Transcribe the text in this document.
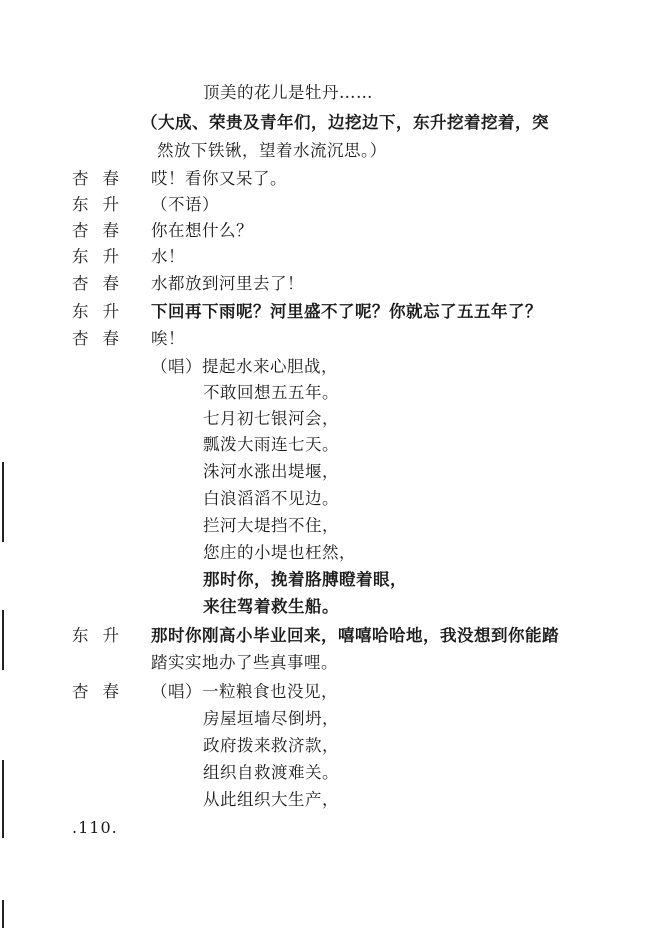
顶美的花儿是牡丹……
（大成、荣贵及青年们，边挖边下，东升挖着挖着，突
然放下铁锹，望着水流沉思。）
杏春 哎！看你又呆了。
东升 （不语）
杏春 你在想什么？
东升 水！
杏春 水都放到河里去了！
东升 下回再下雨呢？河里盛不了呢？你就忘了五五年了？
杏春 唉！
（唱）提起水来心胆战，
不敢回想五五年。
七月初七银河会，
瓢泼大雨连七天。
洙河水涨出堤堰，
白浪滔滔不见边。
拦河大堤挡不住，
您庄的小堤也枉然，
那时你，挽着胳膊瞪着眼，
来往驾着救生船。
东升 那时你刚高小毕业回来，嘻嘻哈哈地，我没想到你能踏
踏实实地办了些真事哩。
杏春 （唱）一粒粮食也没见，
房屋垣墙尽倒坍，
政府拨来救济款，
组织自救渡难关。
从此组织大生产，
.110.
